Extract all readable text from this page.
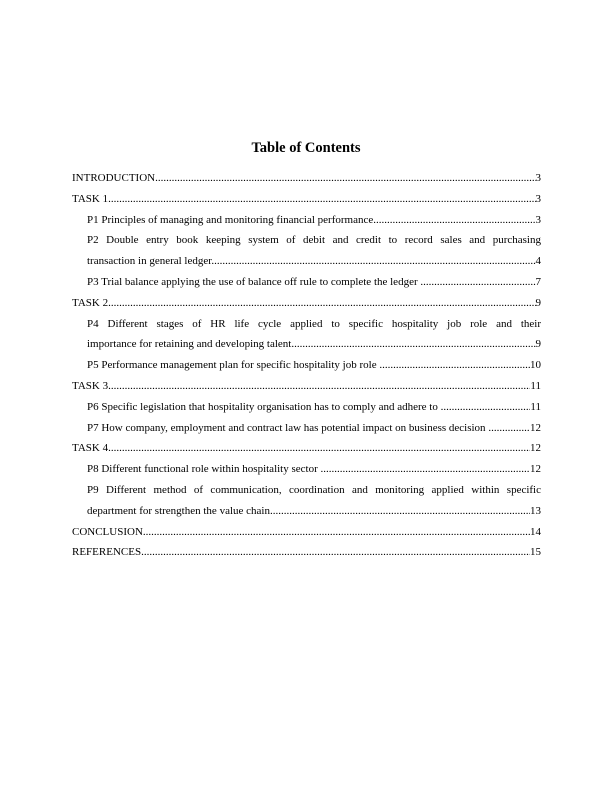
Table of Contents
INTRODUCTION .....	3
TASK 1 .....	3
P1 Principles of managing and monitoring financial performance .....	3
P2 Double entry book keeping system of debit and credit to record sales and purchasing
transaction in general ledger .....	4
P3 Trial balance applying the use of balance off rule to complete the ledger .....	7
TASK 2 .....	9
P4 Different stages of HR life cycle applied to specific hospitality job role and their
importance for retaining and developing talent .....	9
P5 Performance management plan for specific hospitality job role .....	10
TASK 3 .....	11
P6 Specific legislation that hospitality organisation has to comply and adhere to .....	11
P7 How company, employment and contract law has potential impact on business decision .....	12
TASK 4 .....	12
P8 Different functional role within hospitality sector .....	12
P9 Different method of communication, coordination and monitoring applied within specific
department for strengthen the value chain .....	13
CONCLUSION .....	14
REFERENCES .....	15
